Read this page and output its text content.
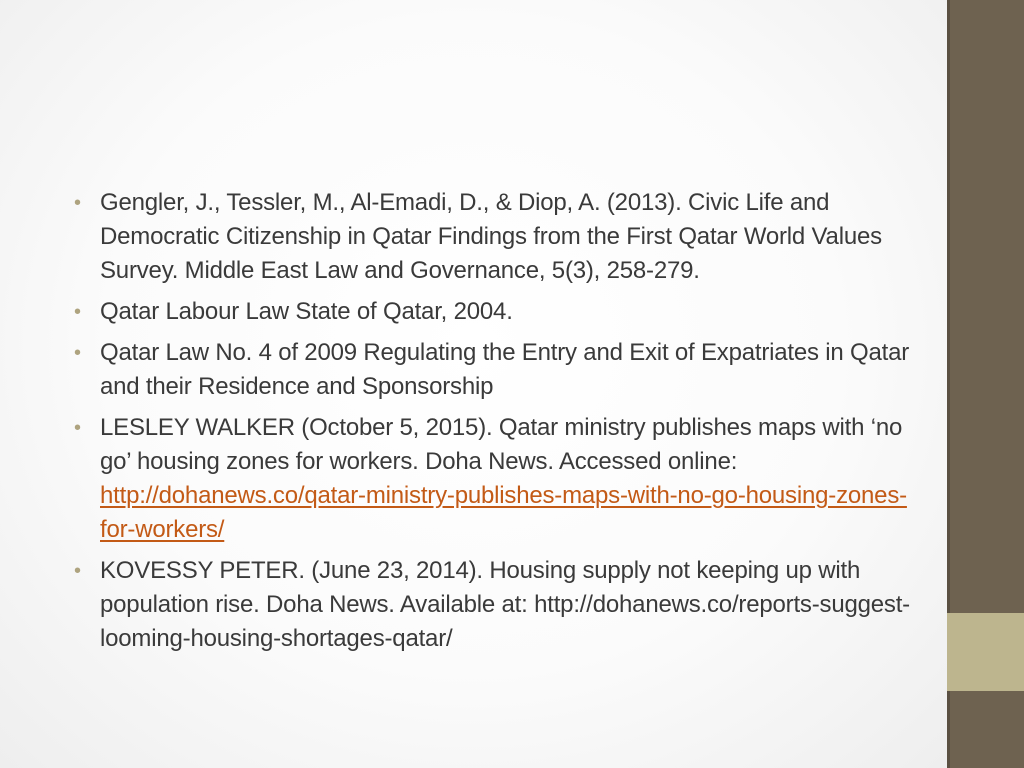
• Gengler, J., Tessler, M., Al-Emadi, D., & Diop, A. (2013). Civic Life and Democratic Citizenship in Qatar Findings from the First Qatar World Values Survey. Middle East Law and Governance, 5(3), 258-279.
• Qatar Labour Law State of Qatar, 2004.
• Qatar Law No. 4 of 2009 Regulating the Entry and Exit of Expatriates in Qatar and their Residence and Sponsorship
• LESLEY WALKER (October 5, 2015). Qatar ministry publishes maps with ‘no go’ housing zones for workers. Doha News. Accessed online: http://dohanews.co/qatar-ministry-publishes-maps-with-no-go-housing-zones-for-workers/
• KOVESSY PETER. (June 23, 2014). Housing supply not keeping up with population rise. Doha News. Available at: http://dohanews.co/reports-suggest-looming-housing-shortages-qatar/
